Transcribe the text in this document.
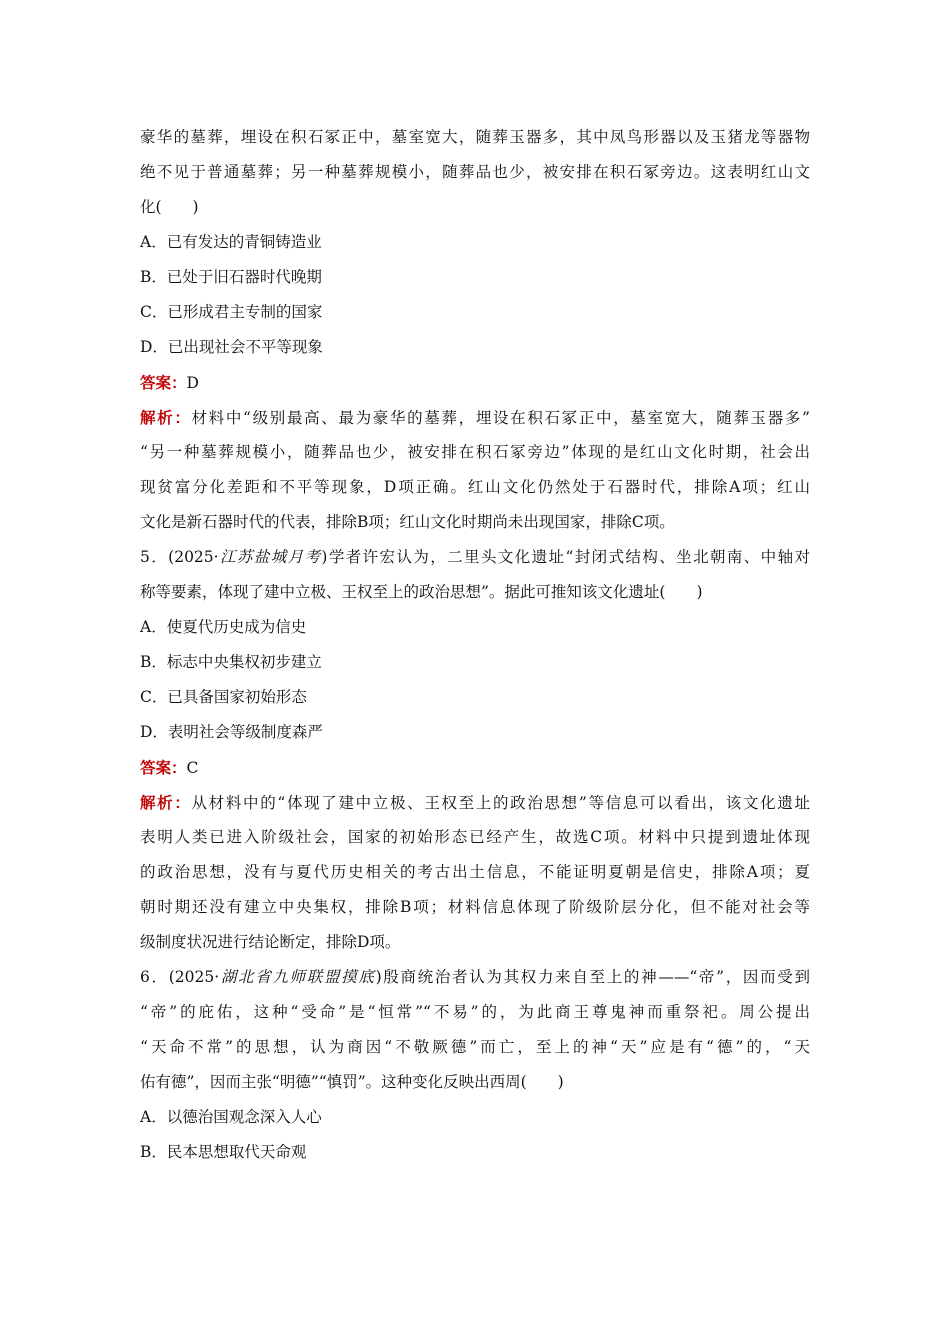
豪华的墓葬，埋设在积石冢正中，墓室宽大，随葬玉器多，其中凤鸟形器以及玉猪龙等器物
绝不见于普通墓葬；另一种墓葬规模小，随葬品也少，被安排在积石冢旁边。这表明红山文
化(　　)
A．已有发达的青铜铸造业
B．已处于旧石器时代晚期
C．已形成君主专制的国家
D．已出现社会不平等现象
答案：D
解析：材料中“级别最高、最为豪华的墓葬，埋设在积石冢正中，墓室宽大，随葬玉器多”
“另一种墓葬规模小，随葬品也少，被安排在积石冢旁边”体现的是红山文化时期，社会出
现贫富分化差距和不平等现象，D项正确。红山文化仍然处于石器时代，排除A项；红山
文化是新石器时代的代表，排除B项；红山文化时期尚未出现国家，排除C项。
5．(2025·江苏盐城月考)学者许宏认为，二里头文化遗址“封闭式结构、坐北朝南、中轴对
称等要素，体现了建中立极、王权至上的政治思想”。据此可推知该文化遗址(　　)
A．使夏代历史成为信史
B．标志中央集权初步建立
C．已具备国家初始形态
D．表明社会等级制度森严
答案：C
解析：从材料中的“体现了建中立极、王权至上的政治思想”等信息可以看出，该文化遗址
表明人类已进入阶级社会，国家的初始形态已经产生，故选C项。材料中只提到遗址体现
的政治思想，没有与夏代历史相关的考古出土信息，不能证明夏朝是信史，排除A项；夏
朝时期还没有建立中央集权，排除B项；材料信息体现了阶级阶层分化，但不能对社会等
级制度状况进行结论断定，排除D项。
6．(2025·湖北省九师联盟摸底)殷商统治者认为其权力来自至上的神——“帝”，因而受到
“帝”的庇佑，这种“受命”是“恒常”“不易”的，为此商王尊鬼神而重祭祀。周公提出
“天命不常”的思想，认为商因“不敬厥德”而亡，至上的神“天”应是有“德”的，“天
佑有德”，因而主张“明德”“慎罚”。这种变化反映出西周(　　)
A．以德治国观念深入人心
B．民本思想取代天命观
